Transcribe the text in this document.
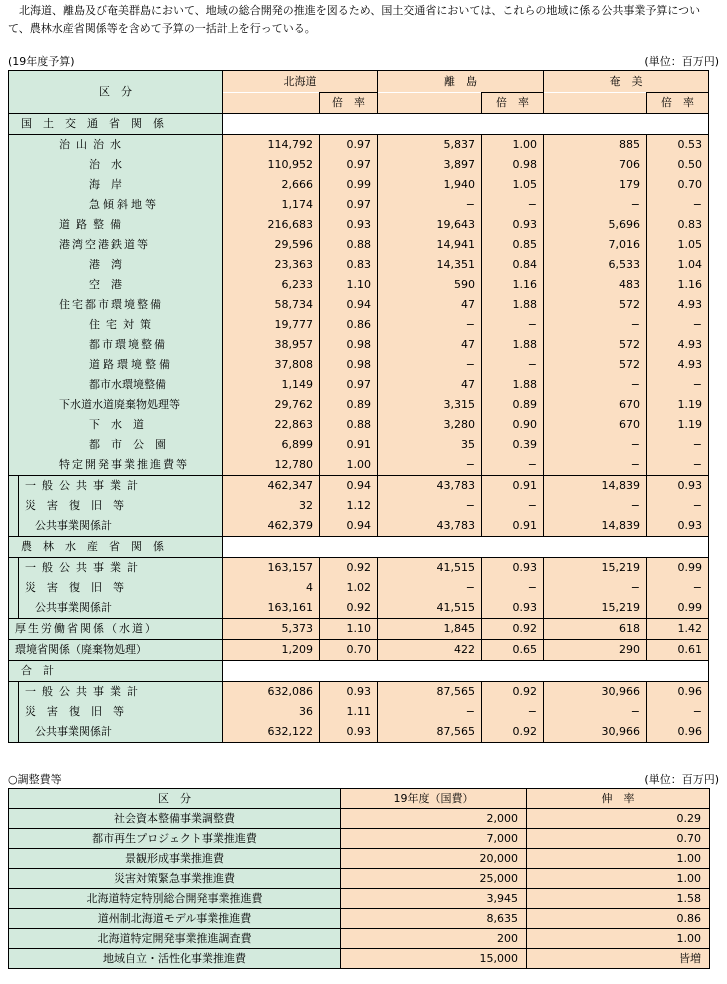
北海道、離島及び奄美群島において、地域の総合開発の推進を図るため、国土交通省においては、これらの地域に係る公共事業予算について、農林水産省関係等を含めて予算の一括計上を行っている。
(19年度予算)	(単位：百万円)
区　分		北海道		離　島		奄　美	
			倍　率		倍　率		倍　率
国土交通省関係							
治山治水		114,792	0.97	5,837	1.00	885	0.53
治水		110,952	0.97	3,897	0.98	706	0.50
海岸		2,666	0.99	1,940	1.05	179	0.70
急傾斜地等		1,174	0.97	−	−	−	−
道路整備		216,683	0.93	19,643	0.93	5,696	0.83
港湾空港鉄道等		29,596	0.88	14,941	0.85	7,016	1.05
港湾		23,363	0.83	14,351	0.84	6,533	1.04
空港		6,233	1.10	590	1.16	483	1.16
住宅都市環境整備		58,734	0.94	47	1.88	572	4.93
住宅対策		19,777	0.86	−	−	−	−
都市環境整備		38,957	0.98	47	1.88	572	4.93
道路環境整備		37,808	0.98	−	−	572	4.93
都市水環境整備		1,149	0.97	47	1.88	−	−
下水道水道廃棄物処理等		29,762	0.89	3,315	0.89	670	1.19
下水道		22,863	0.88	3,280	0.90	670	1.19
都市公園		6,899	0.91	35	0.39	−	−
特定開発事業推進費等		12,780	1.00	−	−	−	−
	一般公共事業計	462,347	0.94	43,783	0.91	14,839	0.93
	災害復旧等	32	1.12	−	−	−	−
	公共事業関係計	462,379	0.94	43,783	0.91	14,839	0.93
農林水産省関係							
	一般公共事業計	163,157	0.92	41,515	0.93	15,219	0.99
	災害復旧等	4	1.02	−	−	−	−
	公共事業関係計	163,161	0.92	41,515	0.93	15,219	0.99
厚生労働省関係（水道）		5,373	1.10	1,845	0.92	618	1.42
環境省関係（廃棄物処理）		1,209	0.70	422	0.65	290	0.61
合計							
	一般公共事業計	632,086	0.93	87,565	0.92	30,966	0.96
	災害復旧等	36	1.11	−	−	−	−
	公共事業関係計	632,122	0.93	87,565	0.92	30,966	0.96
○調整費等	(単位：百万円)
区　分	19年度（国費）	伸　率
社会資本整備事業調整費	2,000	0.29
都市再生プロジェクト事業推進費	7,000	0.70
景観形成事業推進費	20,000	1.00
災害対策緊急事業推進費	25,000	1.00
北海道特定特別総合開発事業推進費	3,945	1.58
道州制北海道モデル事業推進費	8,635	0.86
北海道特定開発事業推進調査費	200	1.00
地域自立・活性化事業推進費	15,000	皆増
